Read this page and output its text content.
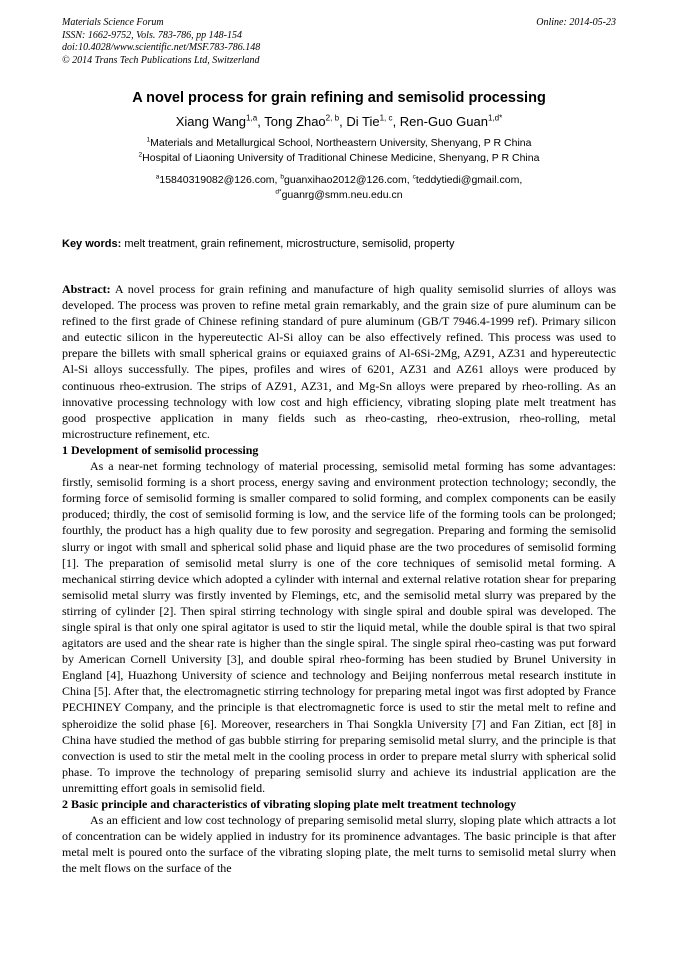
Materials Science Forum
ISSN: 1662-9752, Vols. 783-786, pp 148-154
doi:10.4028/www.scientific.net/MSF.783-786.148
© 2014 Trans Tech Publications Ltd, Switzerland
Online: 2014-05-23
A novel process for grain refining and semisolid processing
Xiang Wang$^{1,a}$, Tong Zhao$^{2, b}$, Di Tie$^{1, c}$, Ren-Guo Guan$^{1,d*}$
$^1$Materials and Metallurgical School, Northeastern University, Shenyang, P R China
$^2$Hospital of Liaoning University of Traditional Chinese Medicine, Shenyang, P R China
$^a$15840319082@126.com, $^b$guanxihao2012@126.com, $^c$teddytiedi@gmail.com,
$^{d*}$guanrg@smm.neu.edu.cn
Key words: melt treatment, grain refinement, microstructure, semisolid, property
Abstract: A novel process for grain refining and manufacture of high quality semisolid slurries of alloys was developed. The process was proven to refine metal grain remarkably, and the grain size of pure aluminum can be refined to the first grade of Chinese refining standard of pure aluminum (GB/T 7946.4-1999 ref). Primary silicon and eutectic silicon in the hypereutectic Al-Si alloy can be also effectively refined. This process was used to prepare the billets with small spherical grains or equiaxed grains of Al-6Si-2Mg, AZ91, AZ31 and hypereutectic Al-Si alloys successfully. The pipes, profiles and wires of 6201, AZ31 and AZ61 alloys were produced by continuous rheo-extrusion. The strips of AZ91, AZ31, and Mg-Sn alloys were prepared by rheo-rolling. As an innovative processing technology with low cost and high efficiency, vibrating sloping plate melt treatment has good prospective application in many fields such as rheo-casting, rheo-extrusion, rheo-rolling, metal microstructure refinement, etc.
1 Development of semisolid processing
As a near-net forming technology of material processing, semisolid metal forming has some advantages: firstly, semisolid forming is a short process, energy saving and environment protection technology; secondly, the forming force of semisolid forming is smaller compared to solid forming, and complex components can be easily produced; thirdly, the cost of semisolid forming is low, and the service life of the forming tools can be prolonged; fourthly, the product has a high quality due to few porosity and segregation. Preparing and forming the semisolid slurry or ingot with small and spherical solid phase and liquid phase are the two procedures of semisolid forming [1]. The preparation of semisolid metal slurry is one of the core techniques of semisolid metal forming. A mechanical stirring device which adopted a cylinder with internal and external relative rotation shear for preparing semisolid metal slurry was firstly invented by Flemings, etc, and the semisolid metal slurry was prepared by the stirring of cylinder [2]. Then spiral stirring technology with single spiral and double spiral was developed. The single spiral is that only one spiral agitator is used to stir the liquid metal, while the double spiral is that two spiral agitators are used and the shear rate is higher than the single spiral. The single spiral rheo-casting was put forward by American Cornell University [3], and double spiral rheo-forming has been studied by Brunel University in England [4], Huazhong University of science and technology and Beijing nonferrous metal research institute in China [5]. After that, the electromagnetic stirring technology for preparing metal ingot was first adopted by France PECHINEY Company, and the principle is that electromagnetic force is used to stir the metal melt to refine and spheroidize the solid phase [6]. Moreover, researchers in Thai Songkla University [7] and Fan Zitian, ect [8] in China have studied the method of gas bubble stirring for preparing semisolid metal slurry, and the principle is that convection is used to stir the metal melt in the cooling process in order to prepare metal slurry with spherical solid phase. To improve the technology of preparing semisolid slurry and achieve its industrial application are the unremitting effort goals in semisolid field.
2 Basic principle and characteristics of vibrating sloping plate melt treatment technology
As an efficient and low cost technology of preparing semisolid metal slurry, sloping plate which attracts a lot of concentration can be widely applied in industry for its prominence advantages. The basic principle is that after metal melt is poured onto the surface of the vibrating sloping plate, the melt turns to semisolid metal slurry when the melt flows on the surface of the
